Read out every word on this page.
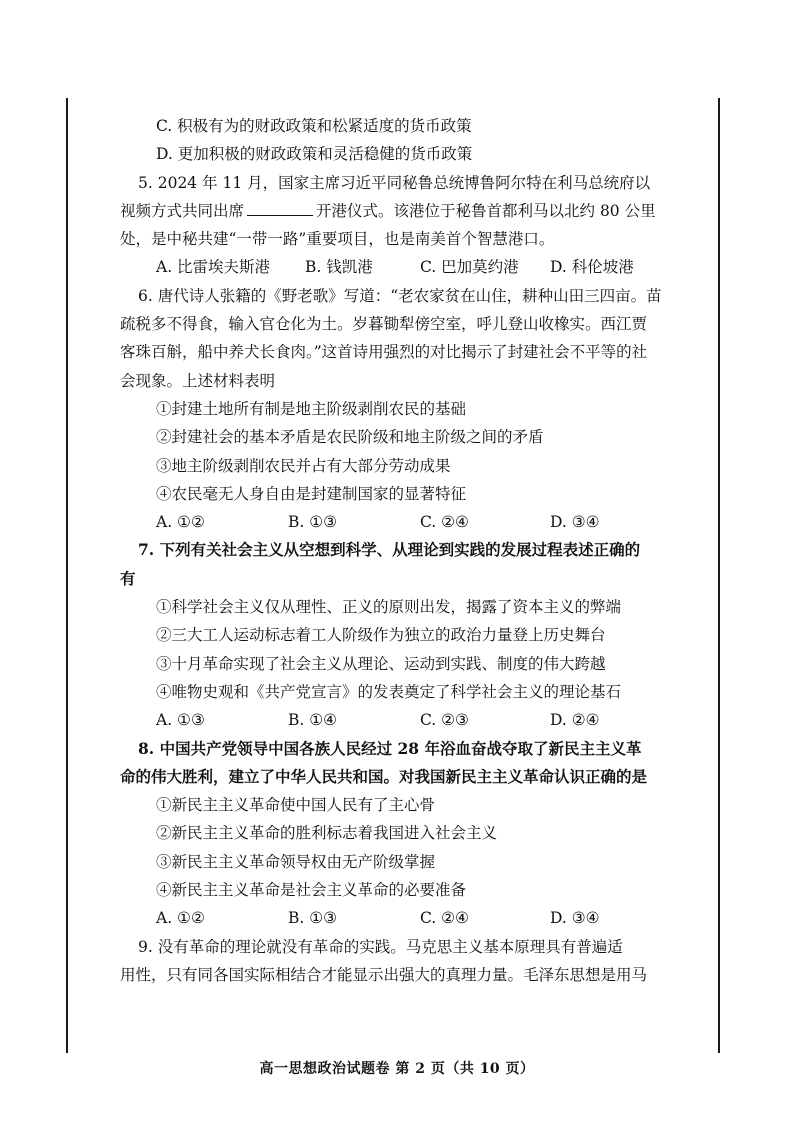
C. 积极有为的财政政策和松紧适度的货币政策
D. 更加积极的财政政策和灵活稳健的货币政策
5. 2024 年 11 月，国家主席习近平同秘鲁总统博鲁阿尔特在利马总统府以
视频方式共同出席	开港仪式。该港位于秘鲁首都利马以北约 80 公里
处，是中秘共建“一带一路”重要项目，也是南美首个智慧港口。
A. 比雷埃夫斯港 B. 钱凯港	C. 巴加莫约港 D. 科伦坡港
6. 唐代诗人张籍的《野老歌》写道：“老农家贫在山住，耕种山田三四亩。苗
疏税多不得食，输入官仓化为土。岁暮锄犁傍空室，呼儿登山收橡实。西江贾
客珠百斛，船中养犬长食肉。”这首诗用强烈的对比揭示了封建社会不平等的社
会现象。上述材料表明
①封建土地所有制是地主阶级剥削农民的基础
②封建社会的基本矛盾是农民阶级和地主阶级之间的矛盾
③地主阶级剥削农民并占有大部分劳动成果
④农民毫无人身自由是封建制国家的显著特征
A. ①②	B. ①③	C. ②④	D. ③④
7. 下列有关社会主义从空想到科学、从理论到实践的发展过程表述正确的
有
①科学社会主义仅从理性、正义的原则出发，揭露了资本主义的弊端
②三大工人运动标志着工人阶级作为独立的政治力量登上历史舞台
③十月革命实现了社会主义从理论、运动到实践、制度的伟大跨越
④唯物史观和《共产党宣言》的发表奠定了科学社会主义的理论基石
A. ①③	B. ①④	C. ②③	D. ②④
8. 中国共产党领导中国各族人民经过 28 年浴血奋战夺取了新民主主义革
命的伟大胜利，建立了中华人民共和国。对我国新民主主义革命认识正确的是
①新民主主义革命使中国人民有了主心骨
②新民主主义革命的胜利标志着我国进入社会主义
③新民主主义革命领导权由无产阶级掌握
④新民主主义革命是社会主义革命的必要准备
A. ①②	B. ①③	C. ②④	D. ③④
9. 没有革命的理论就没有革命的实践。马克思主义基本原理具有普遍适
用性，只有同各国实际相结合才能显示出强大的真理力量。毛泽东思想是用马
高一思想政治试题卷 第 2 页（共 10 页）
